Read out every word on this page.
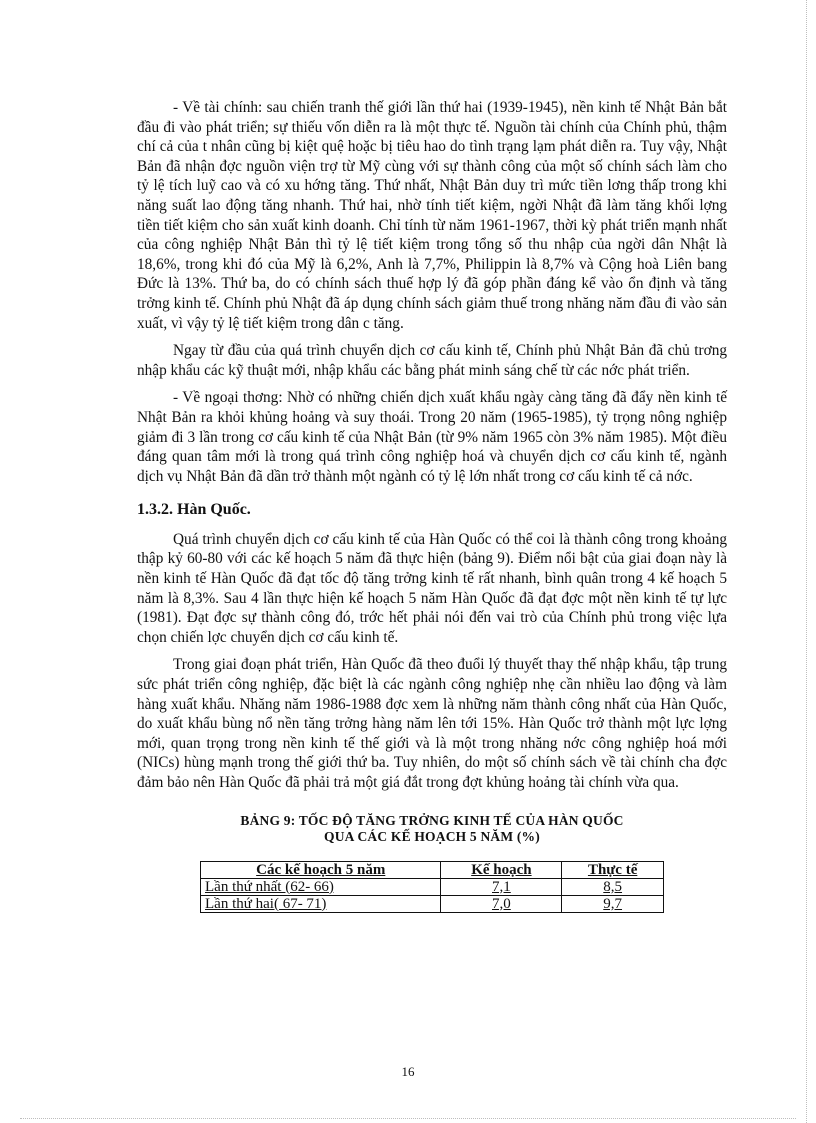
- Về tài chính: sau chiến tranh thế giới lần thứ hai (1939-1945), nền kinh tế Nhật Bản bắt đầu đi vào phát triển; sự thiếu vốn diễn ra là một thực tế. Nguồn tài chính của Chính phủ, thậm chí cả của t nhân cũng bị kiệt quệ hoặc bị tiêu hao do tình trạng lạm phát diễn ra. Tuy vậy, Nhật Bản đã nhận đợc nguồn viện trợ từ Mỹ cùng với sự thành công của một số chính sách làm cho tỷ lệ tích luỹ cao và có xu hớng tăng. Thứ nhất, Nhật Bản duy trì mức tiền lơng thấp trong khi năng suất lao động tăng nhanh. Thứ hai, nhờ tính tiết kiệm, ngời Nhật đã làm tăng khối lợng tiền tiết kiệm cho sản xuất kinh doanh. Chỉ tính từ năm 1961-1967, thời kỳ phát triển mạnh nhất của công nghiệp Nhật Bản thì tỷ lệ tiết kiệm trong tổng số thu nhập của ngời dân Nhật là 18,6%, trong khi đó của Mỹ là 6,2%, Anh là 7,7%, Philippin là 8,7% và Cộng hoà Liên bang Đức là 13%. Thứ ba, do có chính sách thuế hợp lý đã góp phần đáng kể vào ổn định và tăng trởng kinh tế. Chính phủ Nhật đã áp dụng chính sách giảm thuế trong nhăng năm đầu đi vào sản xuất, vì vậy tỷ lệ tiết kiệm trong dân c tăng.

Ngay từ đầu của quá trình chuyển dịch cơ cấu kinh tế, Chính phủ Nhật Bản đã chủ trơng nhập khẩu các kỹ thuật mới, nhập khẩu các bằng phát minh sáng chế từ các nớc phát triển.

- Về ngoại thơng: Nhờ có những chiến dịch xuất khẩu ngày càng tăng đã đẩy nền kinh tế Nhật Bản ra khỏi khủng hoảng và suy thoái. Trong 20 năm (1965-1985), tỷ trọng nông nghiệp giảm đi 3 lần trong cơ cấu kinh tế của Nhật Bản (từ 9% năm 1965 còn 3% năm 1985). Một điều đáng quan tâm mới là trong quá trình công nghiệp hoá và chuyển dịch cơ cấu kinh tế, ngành dịch vụ Nhật Bản đã dần trở thành một ngành có tỷ lệ lớn nhất trong cơ cấu kinh tế cả nớc.

1.3.2. Hàn Quốc.

Quá trình chuyển dịch cơ cấu kinh tế của Hàn Quốc có thể coi là thành công trong khoảng thập kỷ 60-80 với các kế hoạch 5 năm đã thực hiện (bảng 9). Điểm nổi bật của giai đoạn này là nền kinh tế Hàn Quốc đã đạt tốc độ tăng trởng kinh tế rất nhanh, bình quân trong 4 kế hoạch 5 năm là 8,3%. Sau 4 lần thực hiện kế hoạch 5 năm Hàn Quốc đã đạt đợc một nền kinh tế tự lực (1981). Đạt đợc sự thành công đó, trớc hết phải nói đến vai trò của Chính phủ trong việc lựa chọn chiến lợc chuyển dịch cơ cấu kinh tế.

Trong giai đoạn phát triển, Hàn Quốc đã theo đuổi lý thuyết thay thế nhập khẩu, tập trung sức phát triển công nghiệp, đặc biệt là các ngành công nghiệp nhẹ cần nhiều lao động và làm hàng xuất khẩu. Nhăng năm 1986-1988 đợc xem là những năm thành công nhất của Hàn Quốc, do xuất khẩu bùng nổ nền tăng trởng hàng năm lên tới 15%. Hàn Quốc trở thành một lực lợng mới, quan trọng trong nền kinh tế thế giới và là một trong nhăng nớc công nghiệp hoá mới (NICs) hùng mạnh trong thế giới thứ ba. Tuy nhiên, do một số chính sách về tài chính cha đợc đảm bảo nên Hàn Quốc đã phải trả một giá đắt trong đợt khủng hoảng tài chính vừa qua.

BẢNG 9: TỐC ĐỘ TĂNG TRỞNG KINH TẾ CỦA HÀN QUỐC
QUA CÁC KẾ HOẠCH 5 NĂM (%)
Các kế hoạch 5 năm	Kế hoạch	Thực tế
Lần thứ nhất (62- 66)	7,1	8,5
Lần thứ hai( 67- 71)	7,0	9,7
16
